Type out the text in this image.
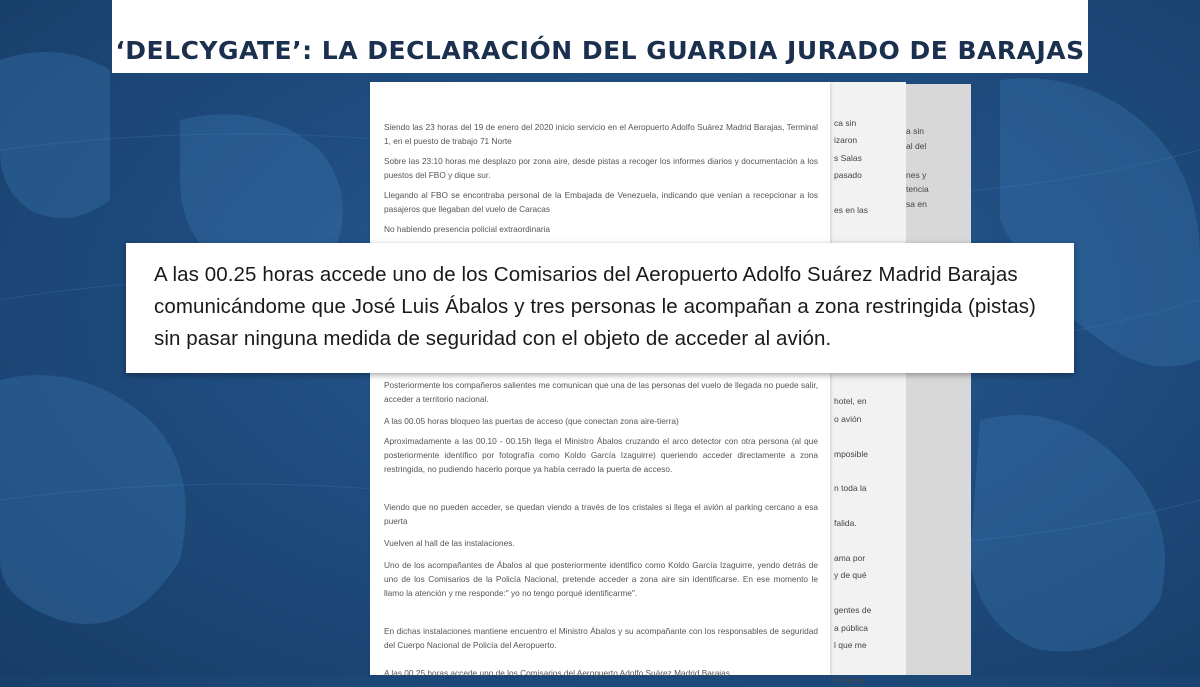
‘DELCYGATE’: LA DECLARACIÓN DEL GUARDIA JURADO DE BARAJAS
ca sin
izaron
s Salas
pasado
es en las
hotel, en
o avión
mposible
n toda la
falida.
ama por
y de qué
gentes de
a pública
l que me
Vil de la
a sin
al del
nes y
tencia
sa en

Siendo las 23 horas del 19 de enero del 2020 inicio servicio en el Aeropuerto Adolfo Suárez Madrid Barajas, Terminal 1, en el puesto de trabajo 71 Norte

Sobre las 23:10 horas me desplazo por zona aire, desde pistas a recoger los informes diarios y documentación a los puestos del FBO y dique sur.

Llegando al FBO se encontraba personal de la Embajada de Venezuela, indicando que venían a recepcionar a los pasajeros que llegaban del vuelo de Caracas

No habiendo presencia policial extraordinaria

Posteriormente los compañeros salientes me comunican que una de las personas del vuelo de llegada no puede salir, acceder a territorio nacional.

A las 00.05 horas bloqueo las puertas de acceso (que conectan zona aire-tierra)

Aproximadamente a las 00.10 - 00.15h llega el Ministro Ábalos cruzando el arco detector con otra persona (al que posteriormente identifico por fotografía como Koldo García Izaguirre) queriendo acceder directamente a zona restringida, no pudiendo hacerlo porque ya había cerrado la puerta de acceso.

Viendo que no pueden acceder, se quedan viendo a través de los cristales si llega el avión al parking cercano a esa puerta

Vuelven al hall de las instalaciones.

Uno de los acompañantes de Ábalos al que posteriormente identifico como Koldo García Izaguirre, yendo detrás de uno de los Comisarios de la Policía Nacional, pretende acceder a zona aire sin identificarse. En ese momento le llamo la atención y me responde:" yo no tengo porqué identificarme".

En dichas instalaciones mantiene encuentro el Ministro Ábalos y su acompañante con los responsables de seguridad del Cuerpo Nacional de Policía del Aeropuerto.

A las 00.25 horas accede uno de los Comisarios del Aeropuerto Adolfo Suárez Madrid Barajas

A las 00.25 horas accede uno de los Comisarios del Aeropuerto Adolfo Suárez Madrid Barajas

comunicándome que José Luis Ábalos y tres personas le acompañan a zona restringida (pistas)

sin pasar ninguna medida de seguridad con el objeto de acceder al avión.
